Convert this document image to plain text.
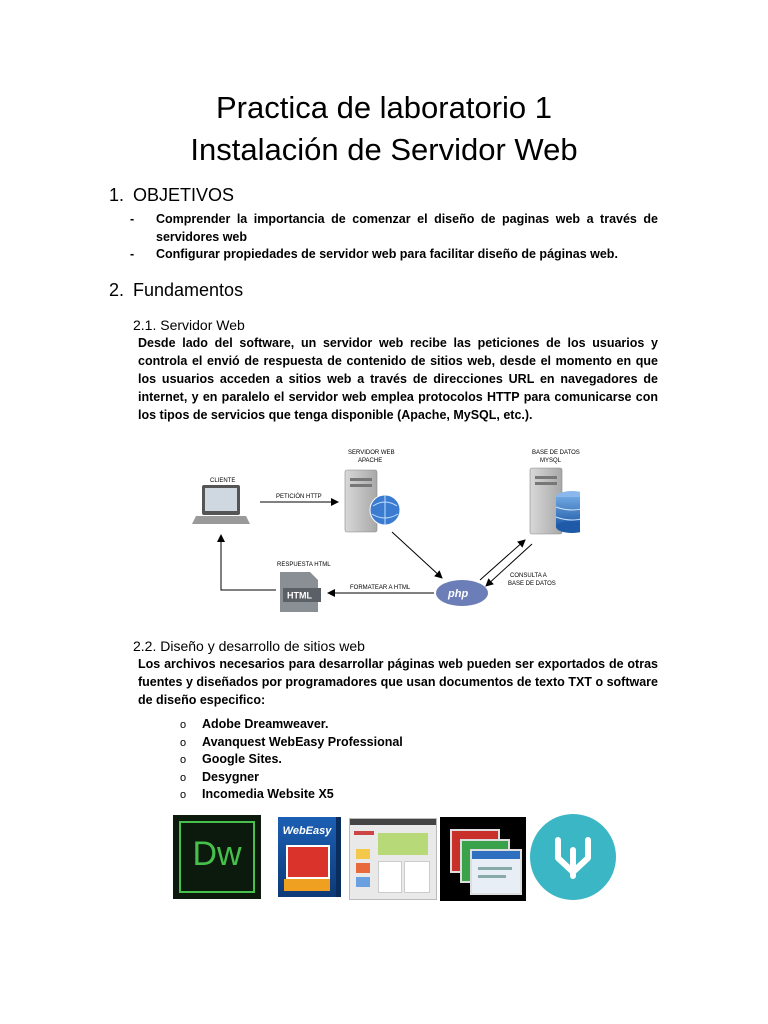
Practica de laboratorio 1
Instalación de Servidor Web
1. OBJETIVOS
- Comprender la importancia de comenzar el diseño de paginas web a través de servidores web
- Configurar propiedades de servidor web para facilitar diseño de páginas web.
2. Fundamentos
2.1. Servidor Web
Desde lado del software, un servidor web recibe las peticiones de los usuarios y controla el envió de respuesta de contenido de sitios web, desde el momento en que los usuarios acceden a sitios web a través de direcciones URL en navegadores de internet, y en paralelo el servidor web emplea protocolos HTTP para comunicarse con los tipos de servicios que tenga disponible (Apache, MySQL, etc.).
CLIENTE
SERVIDOR WEB
APACHE
BASE DE DATOS
MYSQL
HTML
RESPUESTA HTML
php
PETICIÓN HTTP
CONSULTA A
BASE DE DATOS
FORMATEAR A HTML
2.2. Diseño y desarrollo de sitios web
Los archivos necesarios para desarrollar páginas web pueden ser exportados de otras fuentes y diseñados por programadores que usan documentos de texto TXT o software de diseño especifico:
o Adobe Dreamweaver.
o Avanquest WebEasy Professional
o Google Sites.
o Desygner
o Incomedia Website X5
Dw
WebEasy
